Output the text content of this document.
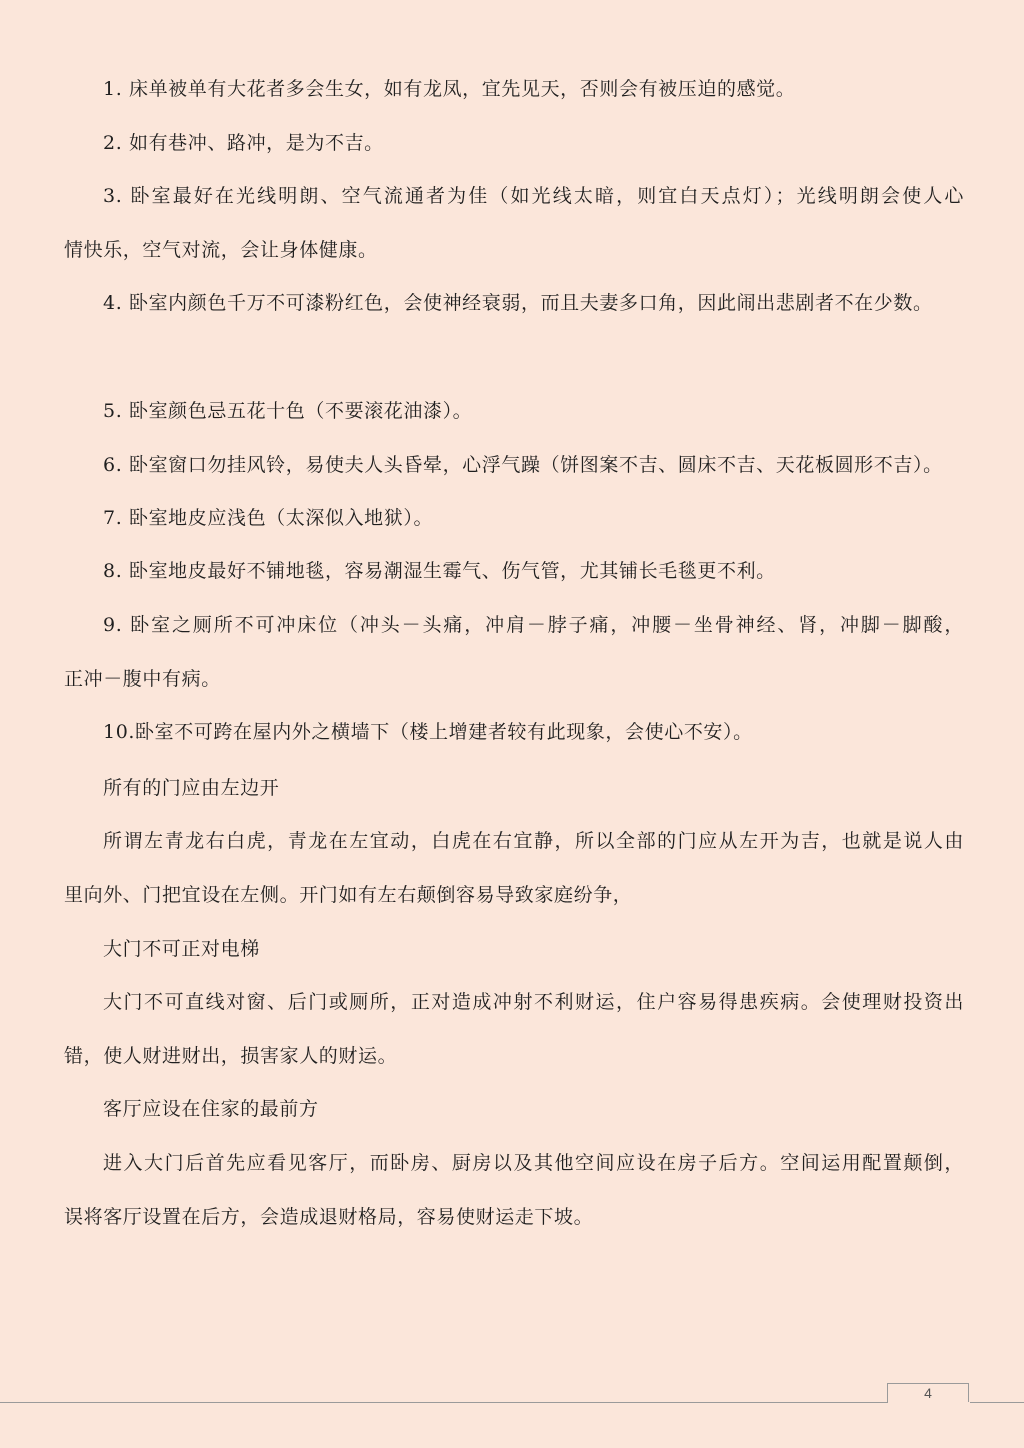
1. 床单被单有大花者多会生女，如有龙凤，宜先见天，否则会有被压迫的感觉。
2. 如有巷冲、路冲，是为不吉。
3. 卧室最好在光线明朗、空气流通者为佳（如光线太暗，则宜白天点灯）；光线明朗会使人心
情快乐，空气对流，会让身体健康。
4. 卧室内颜色千万不可漆粉红色，会使神经衰弱，而且夫妻多口角，因此闹出悲剧者不在少数。
5. 卧室颜色忌五花十色（不要滚花油漆）。
6. 卧室窗口勿挂风铃，易使夫人头昏晕，心浮气躁（饼图案不吉、圆床不吉、天花板圆形不吉）。
7. 卧室地皮应浅色（太深似入地狱）。
8. 卧室地皮最好不铺地毯，容易潮湿生霉气、伤气管，尤其铺长毛毯更不利。
9. 卧室之厕所不可冲床位（冲头－头痛，冲肩－脖子痛，冲腰－坐骨神经、肾，冲脚－脚酸，
正冲－腹中有病。
10.卧室不可跨在屋内外之横墙下（楼上增建者较有此现象，会使心不安）。
所有的门应由左边开
所谓左青龙右白虎，青龙在左宜动，白虎在右宜静，所以全部的门应从左开为吉，也就是说人由
里向外、门把宜设在左侧。开门如有左右颠倒容易导致家庭纷争，
大门不可正对电梯
大门不可直线对窗、后门或厕所，正对造成冲射不利财运，住户容易得患疾病。会使理财投资出
错，使人财进财出，损害家人的财运。
客厅应设在住家的最前方
进入大门后首先应看见客厅，而卧房、厨房以及其他空间应设在房子后方。空间运用配置颠倒，
误将客厅设置在后方，会造成退财格局，容易使财运走下坡。
4
